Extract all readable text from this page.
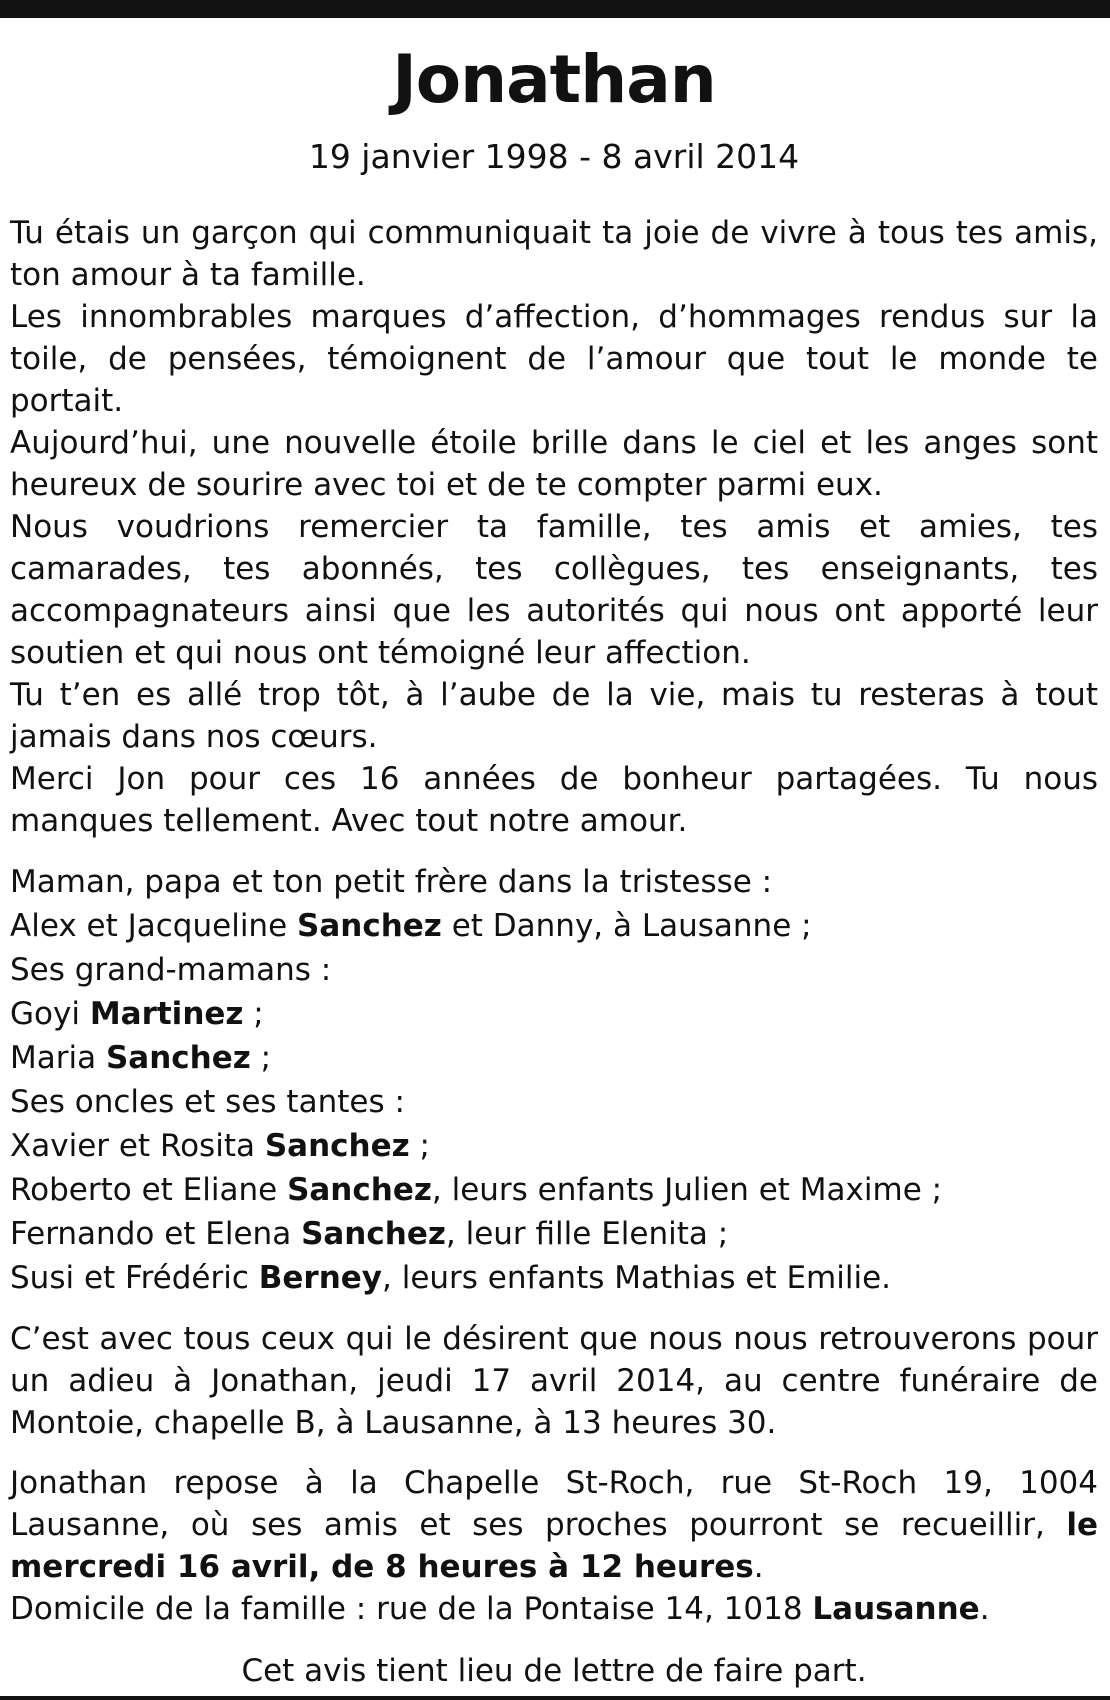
Jonathan
19 janvier 1998 - 8 avril 2014

Tu étais un garçon qui communiquait ta joie de vivre à tous tes amis, ton amour à ta famille.

Les innombrables marques d’affection, d’hommages rendus sur la toile, de pensées, témoignent de l’amour que tout le monde te portait.

Aujourd’hui, une nouvelle étoile brille dans le ciel et les anges sont heureux de sourire avec toi et de te compter parmi eux.

Nous voudrions remercier ta famille, tes amis et amies, tes camarades, tes abonnés, tes collègues, tes enseignants, tes accompagnateurs ainsi que les autorités qui nous ont apporté leur soutien et qui nous ont témoigné leur affection.

Tu t’en es allé trop tôt, à l’aube de la vie, mais tu resteras à tout jamais dans nos cœurs.

Merci Jon pour ces 16 années de bonheur partagées. Tu nous manques tellement. Avec tout notre amour.

Maman, papa et ton petit frère dans la tristesse :
Alex et Jacqueline Sanchez et Danny, à Lausanne ;
Ses grand-mamans :
Goyi Martinez ;
Maria Sanchez ;
Ses oncles et ses tantes :
Xavier et Rosita Sanchez ;
Roberto et Eliane Sanchez, leurs enfants Julien et Maxime ;
Fernando et Elena Sanchez, leur fille Elenita ;
Susi et Frédéric Berney, leurs enfants Mathias et Emilie.

C’est avec tous ceux qui le désirent que nous nous retrouverons pour un adieu à Jonathan, jeudi 17 avril 2014, au centre funéraire de Montoie, chapelle B, à Lausanne, à 13 heures 30.

Jonathan repose à la Chapelle St-Roch, rue St-Roch 19, 1004 Lausanne, où ses amis et ses proches pourront se recueillir, le mercredi 16 avril, de 8 heures à 12 heures.
Domicile de la famille : rue de la Pontaise 14, 1018 Lausanne.

Cet avis tient lieu de lettre de faire part.
